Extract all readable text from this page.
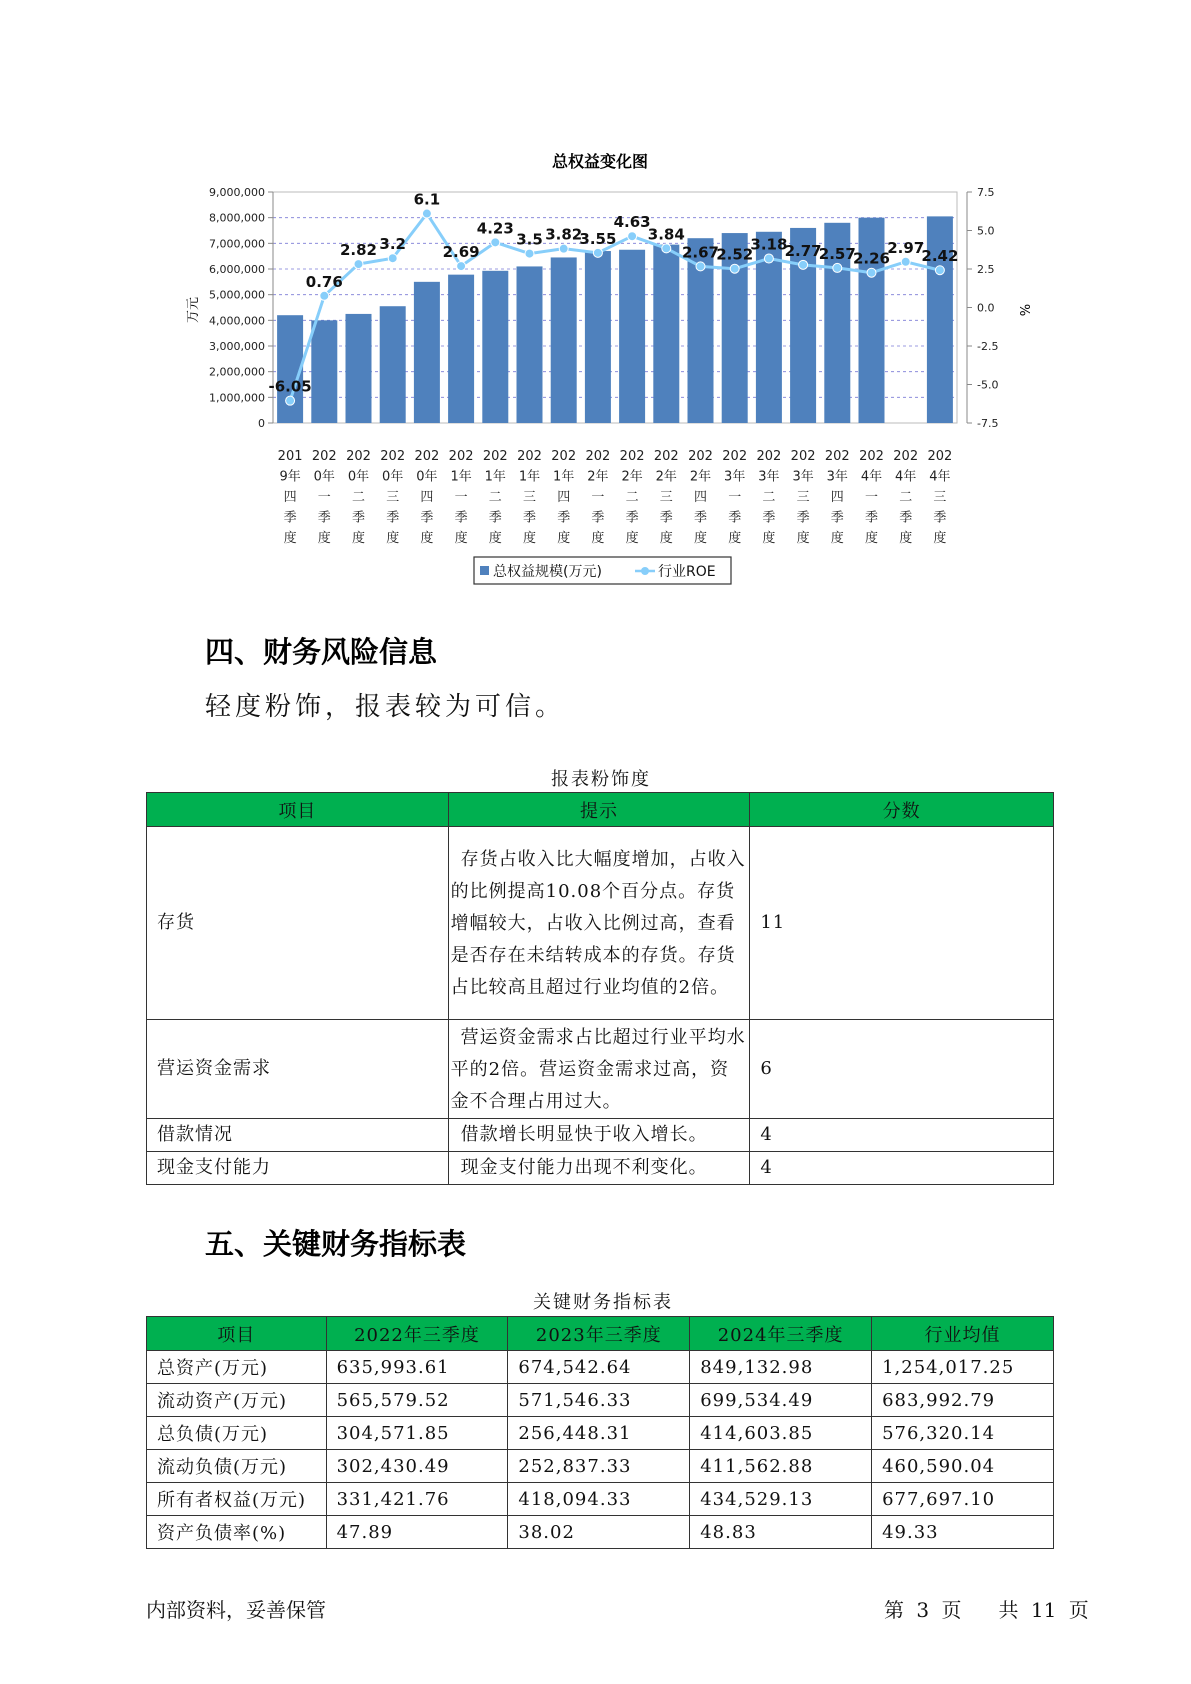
总权益变化图
0
1,000,000
2,000,000
3,000,000
4,000,000
5,000,000
6,000,000
7,000,000
8,000,000
9,000,000
-7.5
-5.0
-2.5
0.0
2.5
5.0
7.5
-6.05
0.76
2.82 3.2
6.1
2.69
4.23
3.5 3.82
3.55
4.63
3.84
2.67
2.52
3.18
2.77
2.57
2.26
2.97
2.42
201
9年
四
季
度
202
0年
一
季
度
202
0年
二
季
度
202
0年
三
季
度
202
0年
四
季
度
202
1年
一
季
度
202
1年
二
季
度
202
1年
三
季
度
202
1年
四
季
度
202
2年
一
季
度
202
2年
二
季
度
202
2年
三
季
度
202
2年
四
季
度
202
3年
一
季
度
202
3年
二
季
度
202
3年
三
季
度
202
3年
四
季
度
202
4年
一
季
度
202
4年
二
季
度
202
4年
三
季
度
万元	%
总权益规模(万元)	行业ROE
四、财务风险信息
轻度粉饰，报表较为可信。
报表粉饰度
项目	提示	分数
存货	存货占收入比大幅度增加，占收入的比例提高10.08个百分点。存货增幅较大，占收入比例过高，查看是否存在未结转成本的存货。存货占比较高且超过行业均值的2倍。	11
营运资金需求	营运资金需求占比超过行业平均水平的2倍。营运资金需求过高，资金不合理占用过大。	6
借款情况	借款增长明显快于收入增长。	4
现金支付能力	现金支付能力出现不利变化。	4
五、关键财务指标表
关键财务指标表
项目	2022年三季度	2023年三季度	2024年三季度	行业均值
总资产(万元)	635,993.61	674,542.64	849,132.98	1,254,017.25
流动资产(万元)	565,579.52	571,546.33	699,534.49	683,992.79
总负债(万元)	304,571.85	256,448.31	414,603.85	576,320.14
流动负债(万元)	302,430.49	252,837.33	411,562.88	460,590.04
所有者权益(万元)	331,421.76	418,094.33	434,529.13	677,697.10
资产负债率(%)	47.89	38.02	48.83	49.33
内部资料，妥善保管	第 3 页 共 11 页
